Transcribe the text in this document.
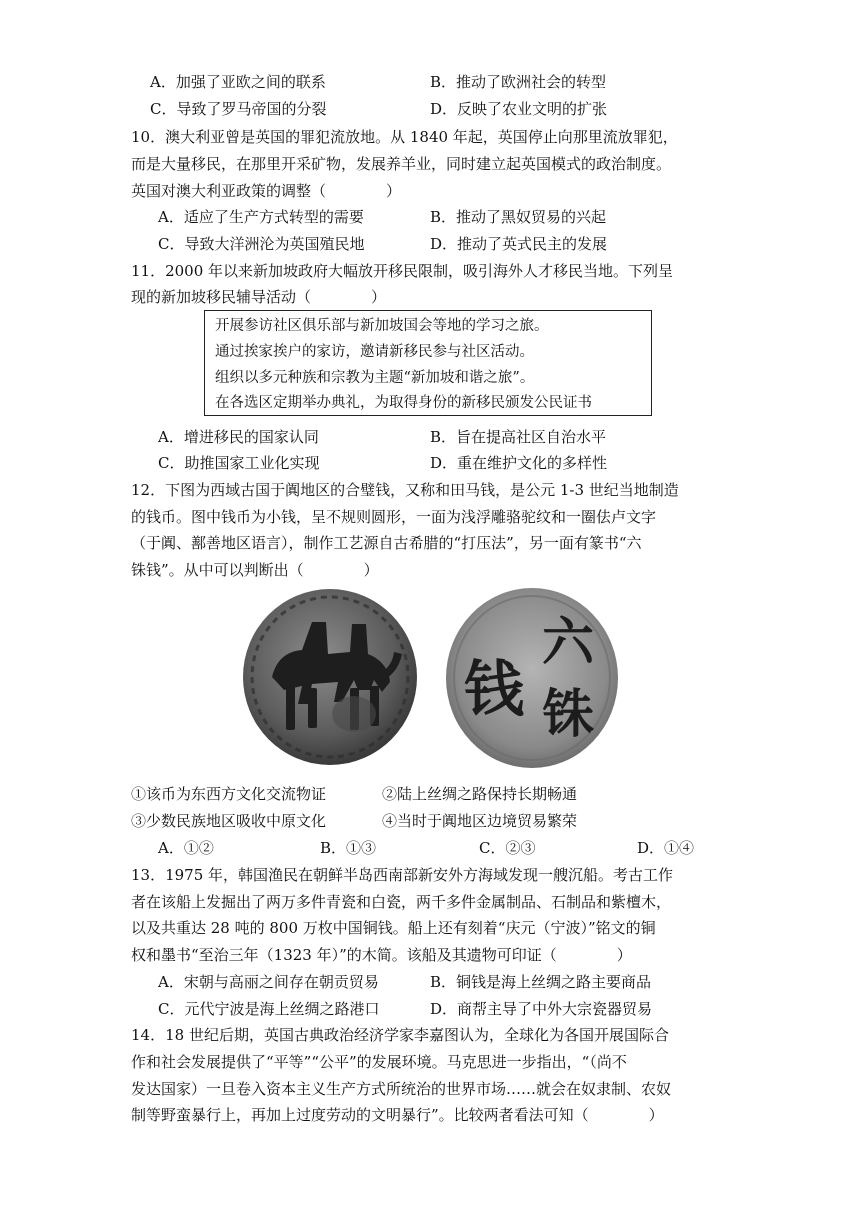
A．加强了亚欧之间的联系	B．推动了欧洲社会的转型
C．导致了罗马帝国的分裂	D．反映了农业文明的扩张
10．澳大利亚曾是英国的罪犯流放地。从 1840 年起，英国停止向那里流放罪犯，
而是大量移民，在那里开采矿物，发展养羊业，同时建立起英国模式的政治制度。
英国对澳大利亚政策的调整（　　　　）
A．适应了生产方式转型的需要	B．推动了黑奴贸易的兴起
C．导致大洋洲沦为英国殖民地	D．推动了英式民主的发展
11．2000 年以来新加坡政府大幅放开移民限制，吸引海外人才移民当地。下列呈
现的新加坡移民辅导活动（　　　　）
开展参访社区俱乐部与新加坡国会等地的学习之旅。
通过挨家挨户的家访，邀请新移民参与社区活动。
组织以多元种族和宗教为主题“新加坡和谐之旅”。
在各选区定期举办典礼，为取得身份的新移民颁发公民证书
A．增进移民的国家认同	B．旨在提高社区自治水平
C．助推国家工业化实现	D．重在维护文化的多样性
12．下图为西域古国于阗地区的合璧钱，又称和田马钱，是公元 1-3 世纪当地制造
的钱币。图中钱币为小钱，呈不规则圆形，一面为浅浮雕骆驼纹和一圈佉卢文字
（于阗、鄯善地区语言），制作工艺源自古希腊的“打压法”，另一面有篆书“六
铢钱”。从中可以判断出（　　　　）
六
铢
钱
①该币为东西方文化交流物证	②陆上丝绸之路保持长期畅通
③少数民族地区吸收中原文化	④当时于阗地区边境贸易繁荣
A．①②	B．①③	C．②③	D．①④
13．1975 年，韩国渔民在朝鲜半岛西南部新安外方海域发现一艘沉船。考古工作
者在该船上发掘出了两万多件青瓷和白瓷，两千多件金属制品、石制品和紫檀木，
以及共重达 28 吨的 800 万枚中国铜钱。船上还有刻着“庆元（宁波）”铭文的铜
权和墨书“至治三年（1323 年）”的木简。该船及其遗物可印证（　　　　）
A．宋朝与高丽之间存在朝贡贸易	B．铜钱是海上丝绸之路主要商品
C．元代宁波是海上丝绸之路港口	D．商帮主导了中外大宗瓷器贸易
14．18 世纪后期，英国古典政治经济学家李嘉图认为，全球化为各国开展国际合
作和社会发展提供了“平等”“公平”的发展环境。马克思进一步指出，“（尚不
发达国家）一旦卷入资本主义生产方式所统治的世界市场……就会在奴隶制、农奴
制等野蛮暴行上，再加上过度劳动的文明暴行”。比较两者看法可知（　　　　）
